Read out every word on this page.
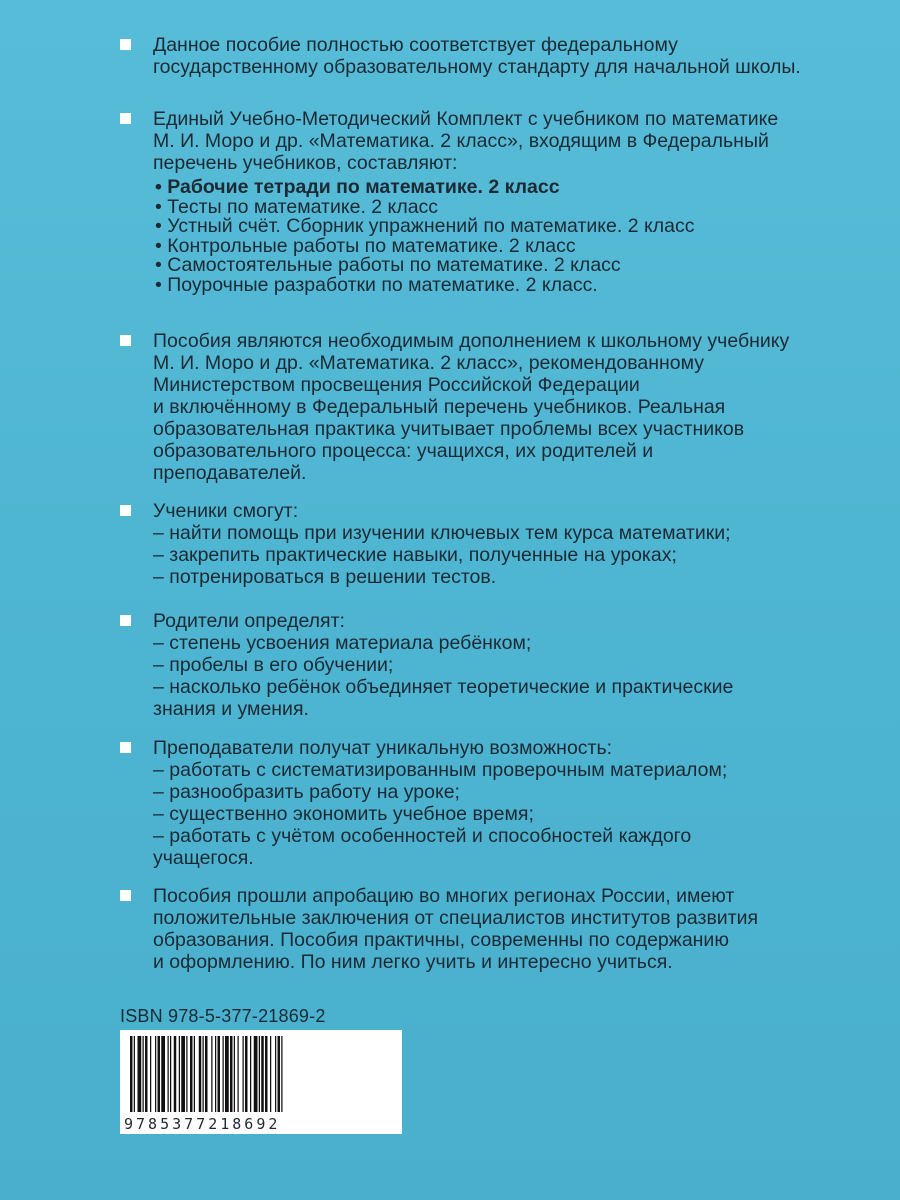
Данное пособие полностью соответствует федеральному
государственному образовательному стандарту для начальной школы.
Единый Учебно-Методический Комплект с учебником по математике
М. И. Моро и др. «Математика. 2 класс», входящим в Федеральный
перечень учебников, составляют:
• Рабочие тетради по математике. 2 класс
• Тесты по математике. 2 класс
• Устный счёт. Сборник упражнений по математике. 2 класс
• Контрольные работы по математике. 2 класс
• Самостоятельные работы по математике. 2 класс
• Поурочные разработки по математике. 2 класс.
Пособия являются необходимым дополнением к школьному учебнику
М. И. Моро и др. «Математика. 2 класс», рекомендованному
Министерством просвещения Российской Федерации
и включённому в Федеральный перечень учебников. Реальная
образовательная практика учитывает проблемы всех участников
образовательного процесса: учащихся, их родителей и
преподавателей.
Ученики смогут:
– найти помощь при изучении ключевых тем курса математики;
– закрепить практические навыки, полученные на уроках;
– потренироваться в решении тестов.
Родители определят:
– степень усвоения материала ребёнком;
– пробелы в его обучении;
– насколько ребёнок объединяет теоретические и практические
знания и умения.
Преподаватели получат уникальную возможность:
– работать с систематизированным проверочным материалом;
– разнообразить работу на уроке;
– существенно экономить учебное время;
– работать с учётом особенностей и способностей каждого
учащегося.
Пособия прошли апробацию во многих регионах России, имеют
положительные заключения от специалистов институтов развития
образования. Пособия практичны, современны по содержанию
и оформлению. По ним легко учить и интересно учиться.
ISBN 978-5-377-21869-2
9785377218692
